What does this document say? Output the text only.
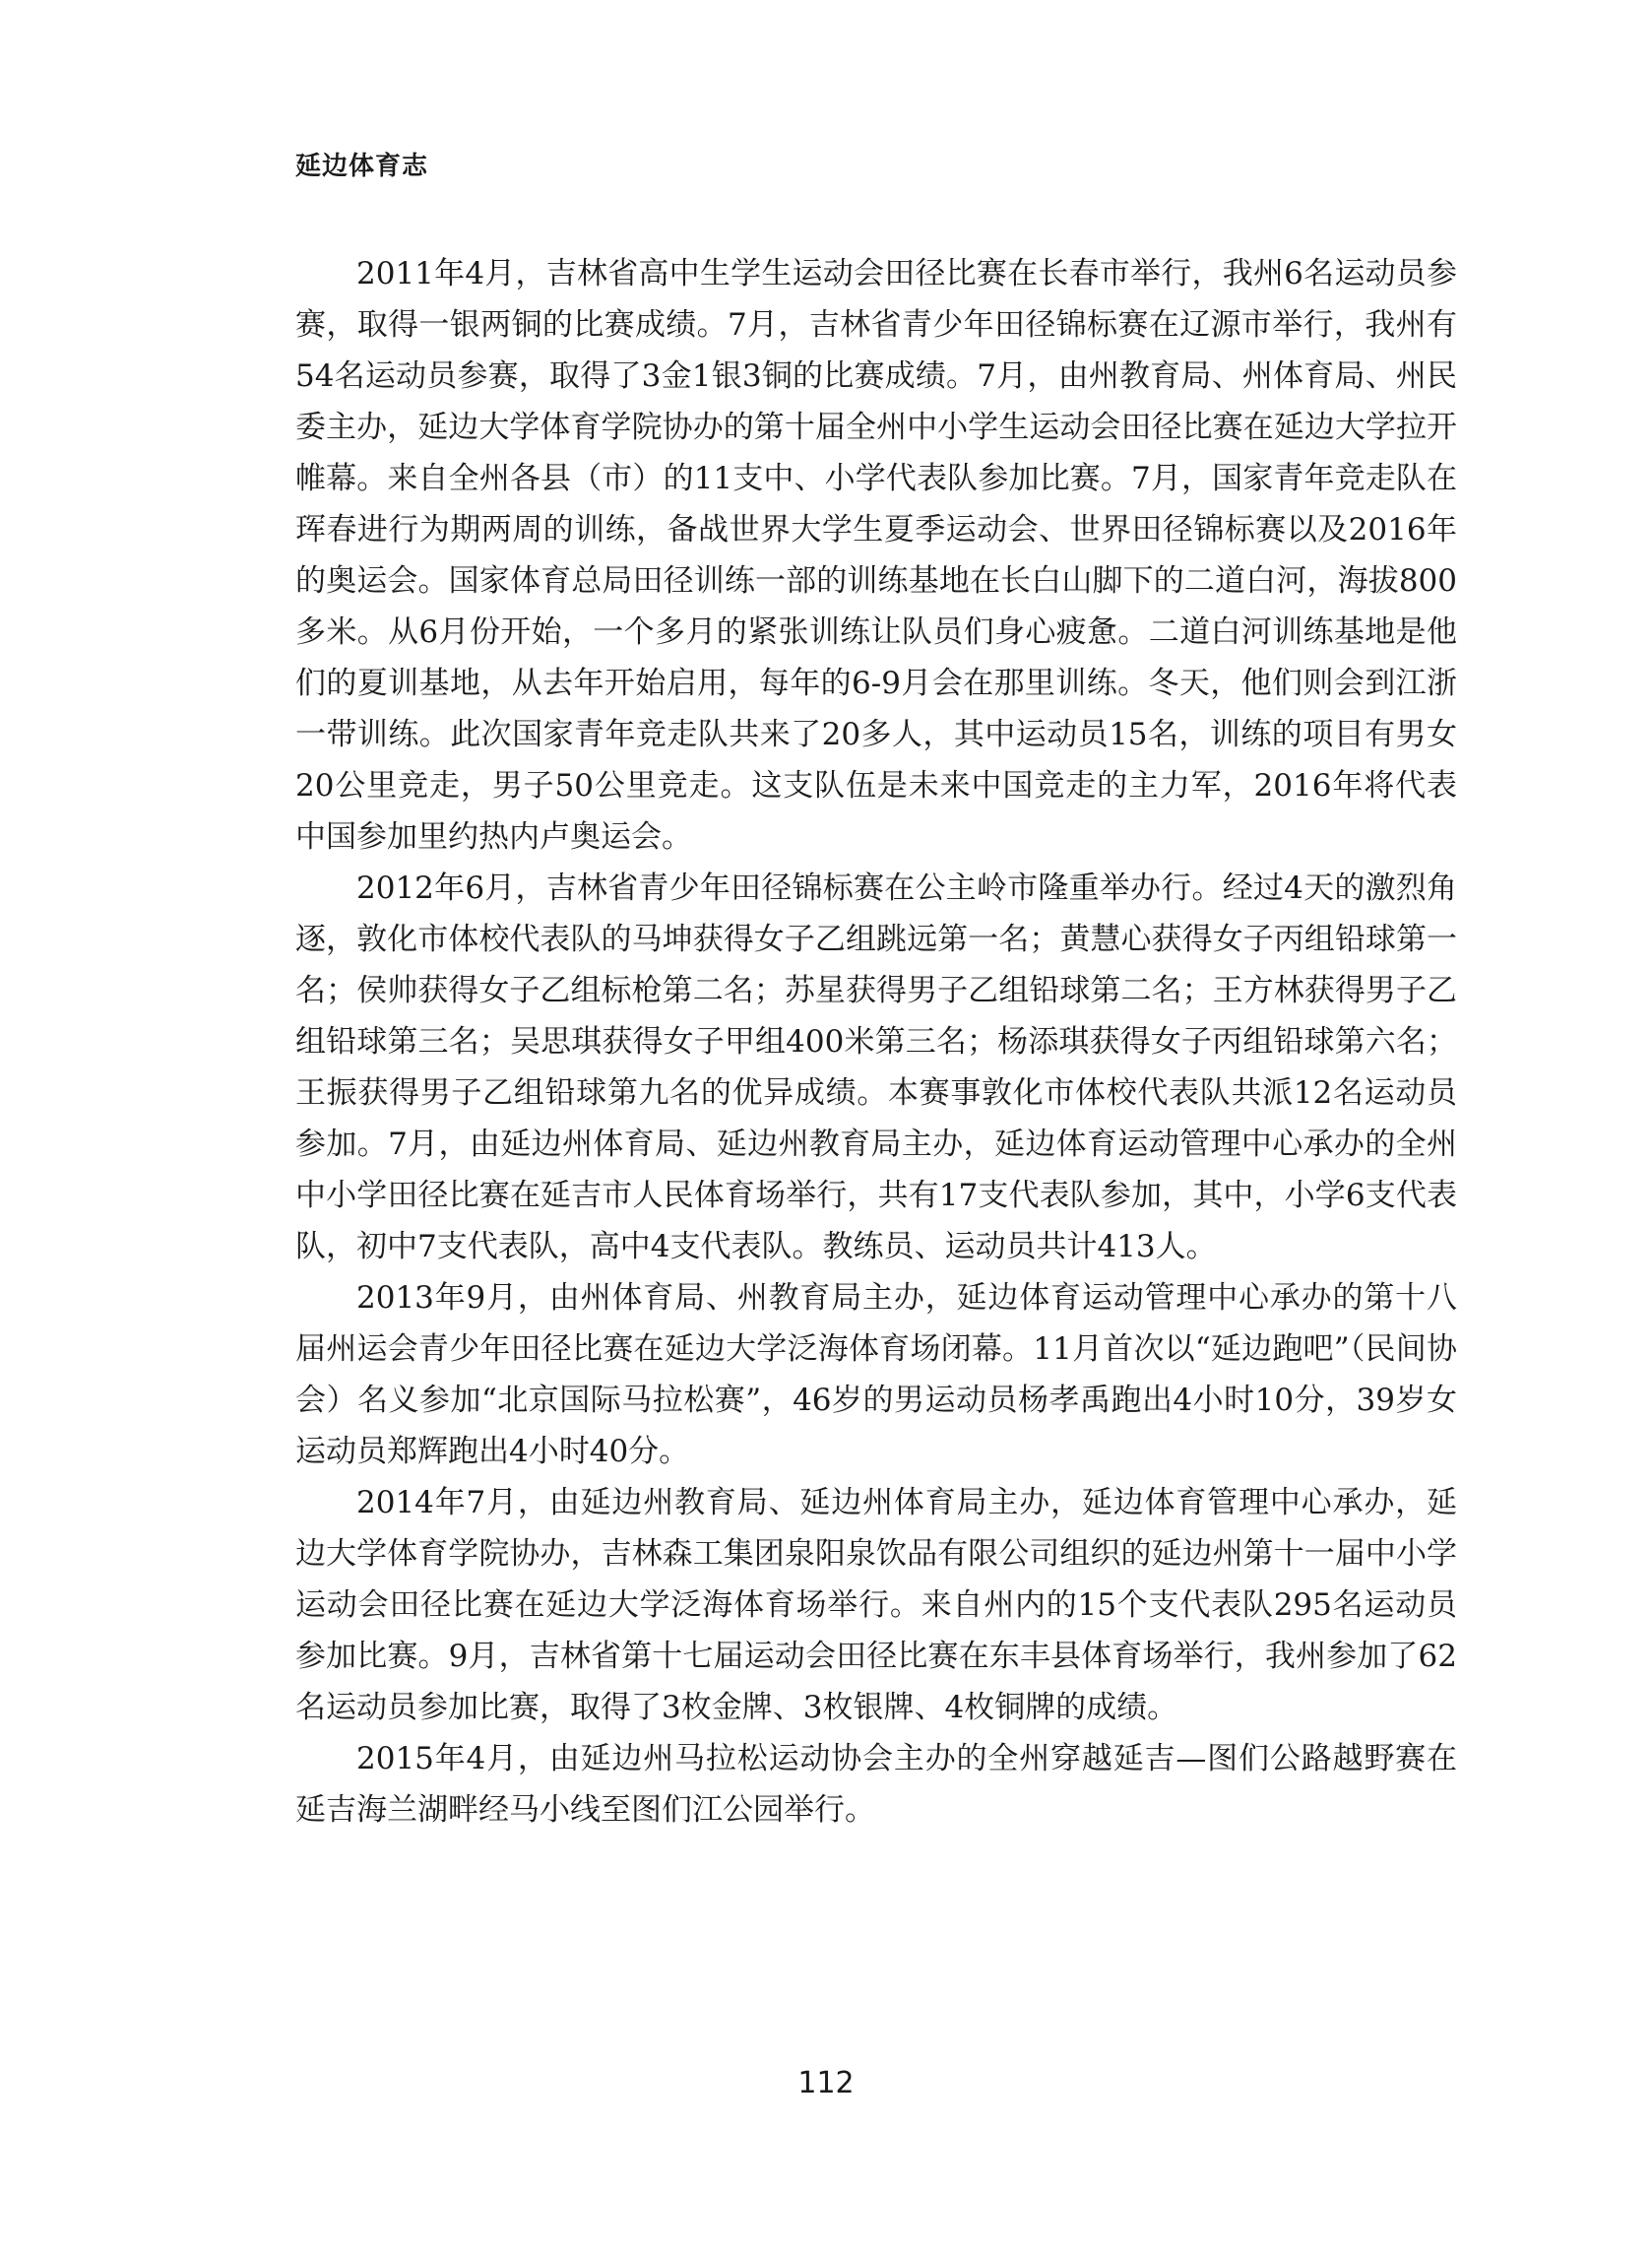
延边体育志

2011年4月，吉林省高中生学生运动会田径比赛在长春市举行，我州6名运动员参赛，取得一银两铜的比赛成绩。7月，吉林省青少年田径锦标赛在辽源市举行，我州有54名运动员参赛，取得了3金1银3铜的比赛成绩。7月，由州教育局、州体育局、州民委主办，延边大学体育学院协办的第十届全州中小学生运动会田径比赛在延边大学拉开帷幕。来自全州各县（市）的11支中、小学代表队参加比赛。7月，国家青年竞走队在珲春进行为期两周的训练，备战世界大学生夏季运动会、世界田径锦标赛以及2016年的奥运会。国家体育总局田径训练一部的训练基地在长白山脚下的二道白河，海拔800多米。从6月份开始，一个多月的紧张训练让队员们身心疲惫。二道白河训练基地是他们的夏训基地，从去年开始启用，每年的6-9月会在那里训练。冬天，他们则会到江浙一带训练。此次国家青年竞走队共来了20多人，其中运动员15名，训练的项目有男女20公里竞走，男子50公里竞走。这支队伍是未来中国竞走的主力军，2016年将代表中国参加里约热内卢奥运会。

2012年6月，吉林省青少年田径锦标赛在公主岭市隆重举办行。经过4天的激烈角逐，敦化市体校代表队的马坤获得女子乙组跳远第一名；黄慧心获得女子丙组铅球第一名；侯帅获得女子乙组标枪第二名；苏星获得男子乙组铅球第二名；王方林获得男子乙组铅球第三名；吴思琪获得女子甲组400米第三名；杨添琪获得女子丙组铅球第六名；王振获得男子乙组铅球第九名的优异成绩。本赛事敦化市体校代表队共派12名运动员参加。7月，由延边州体育局、延边州教育局主办，延边体育运动管理中心承办的全州中小学田径比赛在延吉市人民体育场举行，共有17支代表队参加，其中，小学6支代表队，初中7支代表队，高中4支代表队。教练员、运动员共计413人。

2013年9月，由州体育局、州教育局主办，延边体育运动管理中心承办的第十八届州运会青少年田径比赛在延边大学泛海体育场闭幕。11月首次以“延边跑吧”（民间协会）名义参加“北京国际马拉松赛”，46岁的男运动员杨孝禹跑出4小时10分，39岁女运动员郑辉跑出4小时40分。

2014年7月，由延边州教育局、延边州体育局主办，延边体育管理中心承办，延边大学体育学院协办，吉林森工集团泉阳泉饮品有限公司组织的延边州第十一届中小学运动会田径比赛在延边大学泛海体育场举行。来自州内的15个支代表队295名运动员参加比赛。9月，吉林省第十七届运动会田径比赛在东丰县体育场举行，我州参加了62名运动员参加比赛，取得了3枚金牌、3枚银牌、4枚铜牌的成绩。

2015年4月，由延边州马拉松运动协会主办的全州穿越延吉—图们公路越野赛在延吉海兰湖畔经马小线至图们江公园举行。

112
